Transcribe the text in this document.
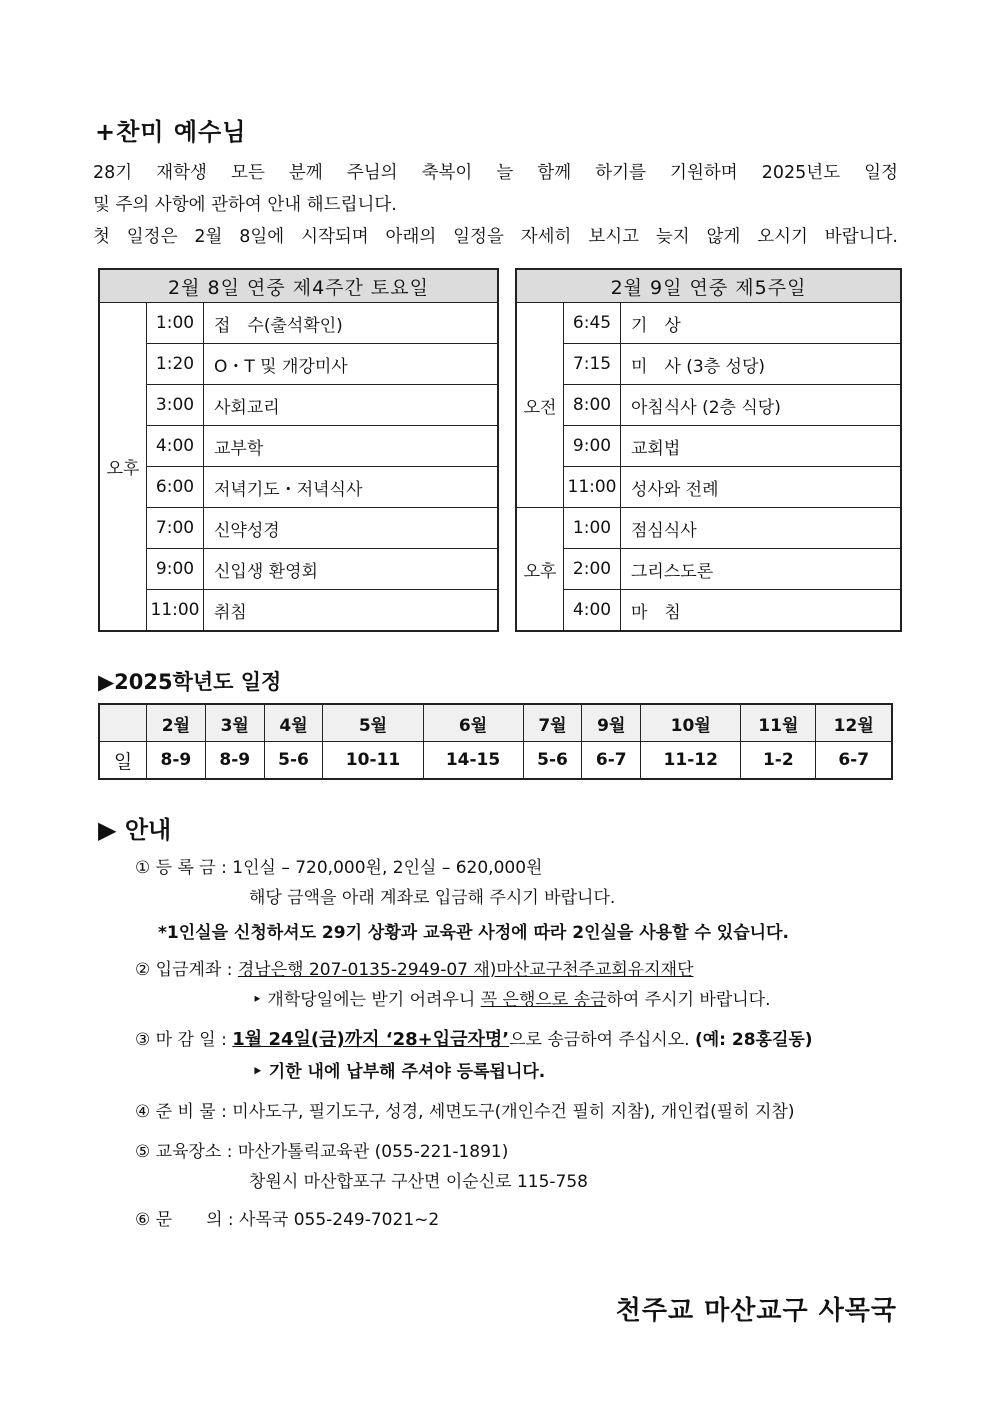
+찬미 예수님

28기 재학생 모든 분께 주님의 축복이 늘 함께 하기를 기원하며 2025년도 일정

및 주의 사항에 관하여 안내 해드립니다.

첫 일정은 2월 8일에 시작되며 아래의 일정을 자세히 보시고 늦지 않게 오시기 바랍니다.

2월 8일 연중 제4주간 토요일		
오후	1:00	접　수(출석확인)
	1:20	O・T 및 개강미사
	3:00	사회교리
	4:00	교부학
	6:00	저녁기도・저녁식사
	7:00	신약성경
	9:00	신입생 환영회
	11:00	취침
2월 9일 연중 제5주일		
오전	6:45	기　상
	7:15	미　사 (3층 성당)
	8:00	아침식사 (2층 식당)
	9:00	교회법
	11:00	성사와 전례
오후	1:00	점심식사
	2:00	그리스도론
	4:00	마　침
▶2025학년도 일정
	2월	3월	4월	5월	6월	7월	9월	10월	11월	12월
일	8-9	8-9	5-6	10-11	14-15	5-6	6-7	11-12	1-2	6-7
▶ 안내
① 등 록 금 : 1인실 – 720,000원, 2인실 – 620,000원
해당 금액을 아래 계좌로 입금해 주시기 바랍니다.
*1인실을 신청하셔도 29기 상황과 교육관 사정에 따라 2인실을 사용할 수 있습니다.
② 입금계좌 : 경남은행 207-0135-2949-07 재)마산교구천주교회유지재단
‣ 개학당일에는 받기 어려우니 꼭 은행으로 송금하여 주시기 바랍니다.
③ 마 감 일 : 1월 24일(금)까지 ‘28+입금자명’으로 송금하여 주십시오. (예: 28홍길동)
‣ 기한 내에 납부해 주셔야 등록됩니다.
④ 준 비 물 : 미사도구, 필기도구, 성경, 세면도구(개인수건 필히 지참), 개인컵(필히 지참)
⑤ 교육장소 : 마산가톨릭교육관 (055-221-1891)
창원시 마산합포구 구산면 이순신로 115-758
⑥ 문　　의 : 사목국 055-249-7021~2
천주교 마산교구 사목국
